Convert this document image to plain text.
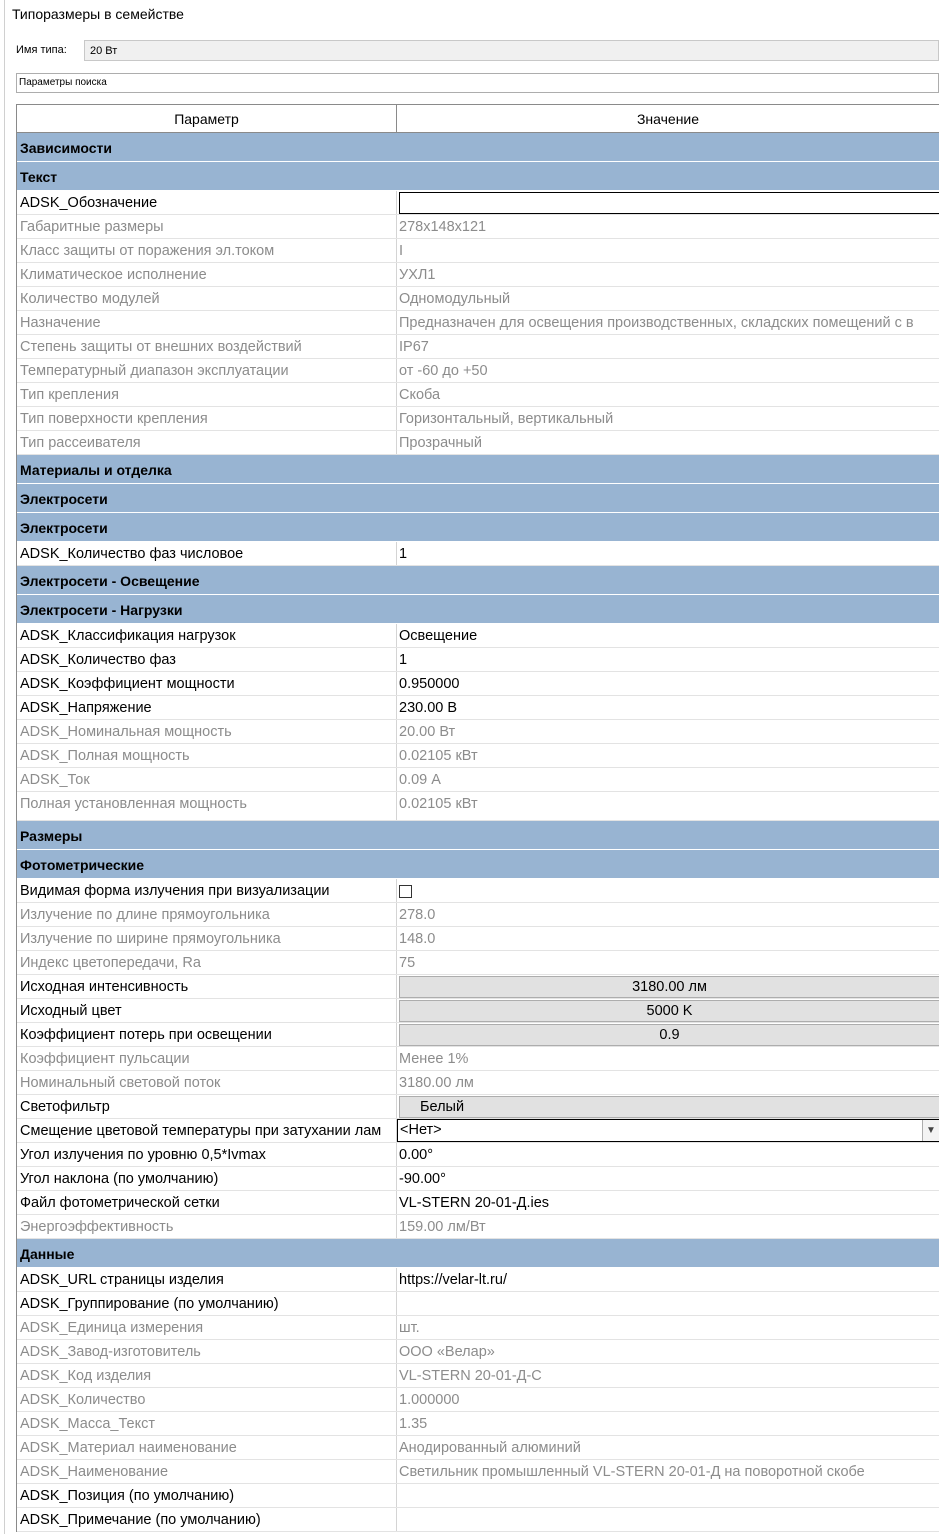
Типоразмеры в семействе
Имя типа:	20 Вт
Параметры поиска
Параметр	Значение
Зависимости
Текст
ADSK_Обозначение
Габаритные размеры	278x148x121
Класс защиты от поражения эл.током	I
Климатическое исполнение	УХЛ1
Количество модулей	Одномодульный
Назначение	Предназначен для освещения производственных, складских помещений с в
Степень защиты от внешних воздействий	IP67
Температурный диапазон эксплуатации	от -60 до +50
Тип крепления	Скоба
Тип поверхности крепления	Горизонтальный, вертикальный
Тип рассеивателя	Прозрачный
Материалы и отделка
Электросети
Электросети
ADSK_Количество фаз числовое	1
Электросети - Освещение
Электросети - Нагрузки
ADSK_Классификация нагрузок	Освещение
ADSK_Количество фаз	1
ADSK_Коэффициент мощности	0.950000
ADSK_Напряжение	230.00 В
ADSK_Номинальная мощность	20.00 Вт
ADSK_Полная мощность	0.02105 кВт
ADSK_Ток	0.09 А
Полная установленная мощность	0.02105 кВт
Размеры
Фотометрические
Видимая форма излучения при визуализации
Излучение по длине прямоугольника	278.0
Излучение по ширине прямоугольника	148.0
Индекс цветопередачи, Ra	75
Исходная интенсивность	3180.00 лм
Исходный цвет	5000 K
Коэффициент потерь при освещении	0.9
Коэффициент пульсации	Менее 1%
Номинальный световой поток	3180.00 лм
Светофильтр	Белый
Смещение цветовой температуры при затухании лам	<Нет>	▼
Угол излучения по уровню 0,5*Ivmax	0.00°
Угол наклона (по умолчанию)	-90.00°
Файл фотометрической сетки	VL-STERN 20-01-Д.ies
Энергоэффективность	159.00 лм/Вт
Данные
ADSK_URL страницы изделия	https://velar-lt.ru/
ADSK_Группирование (по умолчанию)
ADSK_Единица измерения	шт.
ADSK_Завод-изготовитель	ООО «Велар»
ADSK_Код изделия	VL-STERN 20-01-Д-С
ADSK_Количество	1.000000
ADSK_Масса_Текст	1.35
ADSK_Материал наименование	Анодированный алюминий
ADSK_Наименование	Светильник промышленный VL-STERN 20-01-Д на поворотной скобе
ADSK_Позиция (по умолчанию)
ADSK_Примечание (по умолчанию)
